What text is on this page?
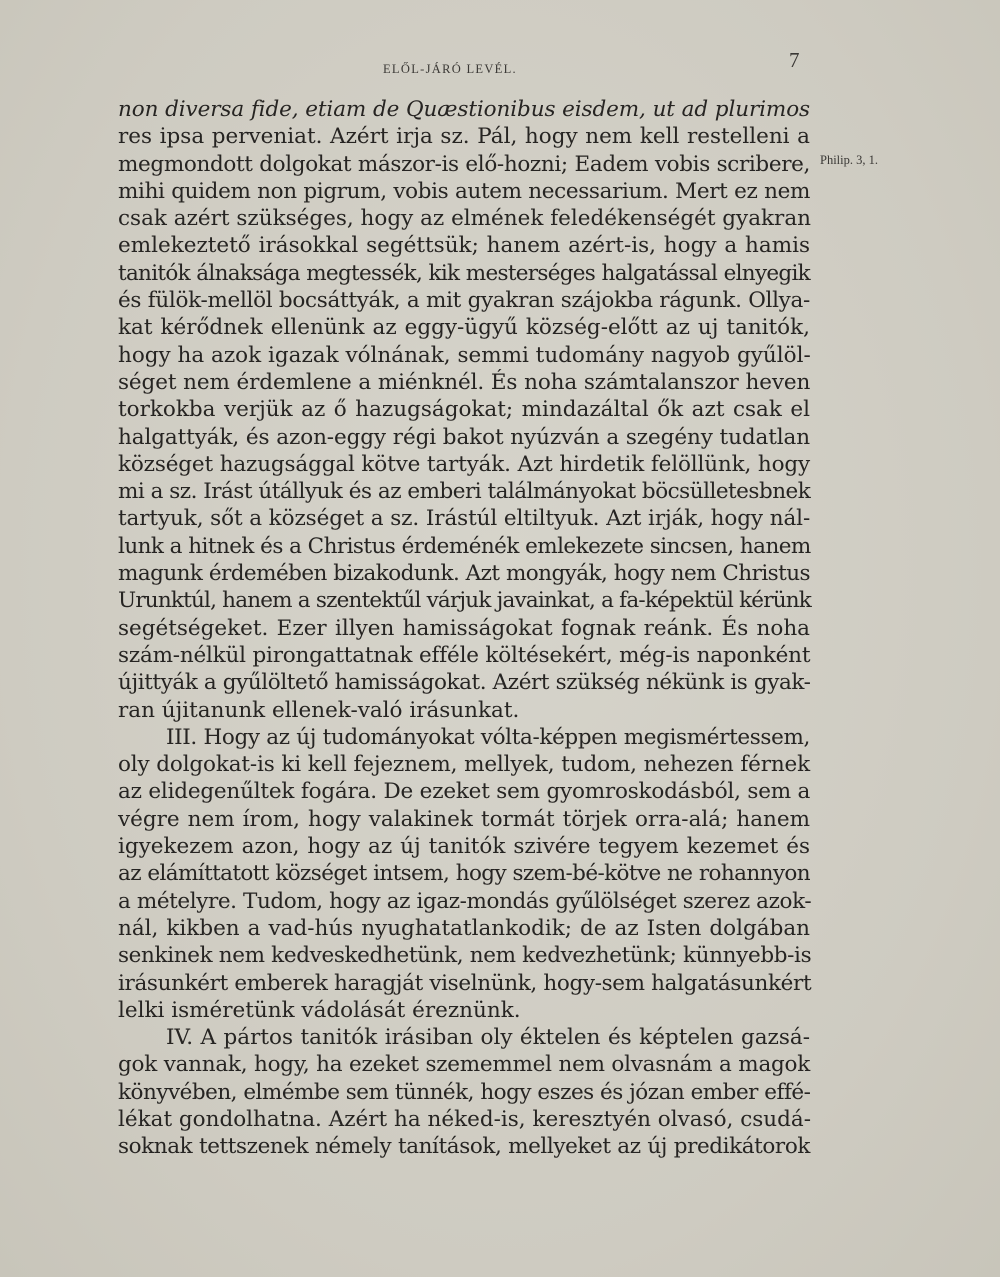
ELŐL-JÁRÓ LEVÉL.	7
Philip. 3, 1.
non diversa fide, etiam de Quæstionibus eisdem, ut ad plurimos
res ipsa perveniat. Azért irja sz. Pál, hogy nem kell restelleni a
megmondott dolgokat mászor-is elő-hozni; Eadem vobis scribere,
mihi quidem non pigrum, vobis autem necessarium. Mert ez nem
csak azért szükséges, hogy az elmének feledékenségét gyakran
emlekeztető irásokkal segéttsük; hanem azért-is, hogy a hamis
tanitók álnaksága megtessék, kik mesterséges halgatással elnyegik
és fülök-mellöl bocsáttyák, a mit gyakran szájokba rágunk. Ollya-
kat kérődnek ellenünk az eggy-ügyű község-előtt az uj tanitók,
hogy ha azok igazak vólnának, semmi tudomány nagyob gyűlöl-
séget nem érdemlene a miénknél. És noha számtalanszor heven
torkokba verjük az ő hazugságokat; mindazáltal ők azt csak el
halgattyák, és azon-eggy régi bakot nyúzván a szegény tudatlan
községet hazugsággal kötve tartyák. Azt hirdetik felöllünk, hogy
mi a sz. Irást útállyuk és az emberi találmányokat böcsülletesbnek
tartyuk, sőt a községet a sz. Irástúl eltiltyuk. Azt irják, hogy nál-
lunk a hitnek és a Christus érdeménék emlekezete sincsen, hanem
magunk érdemében bizakodunk. Azt mongyák, hogy nem Christus
Urunktúl, hanem a szentektűl várjuk javainkat, a fa-képektül kérünk
segétségeket. Ezer illyen hamisságokat fognak reánk. És noha
szám-nélkül pirongattatnak efféle költésekért, még-is naponként
újittyák a gyűlöltető hamisságokat. Azért szükség nékünk is gyak-
ran újitanunk ellenek-való irásunkat.
III. Hogy az új tudományokat vólta-képpen megismértessem,
oly dolgokat-is ki kell fejeznem, mellyek, tudom, nehezen férnek
az elidegenűltek fogára. De ezeket sem gyomroskodásból, sem a
végre nem írom, hogy valakinek tormát törjek orra-alá; hanem
igyekezem azon, hogy az új tanitók szivére tegyem kezemet és
az elámíttatott községet intsem, hogy szem-bé-kötve ne rohannyon
a mételyre. Tudom, hogy az igaz-mondás gyűlölséget szerez azok-
nál, kikben a vad-hús nyughatatlankodik; de az Isten dolgában
senkinek nem kedveskedhetünk, nem kedvezhetünk; künnyebb-is
irásunkért emberek haragját viselnünk, hogy-sem halgatásunkért
lelki isméretünk vádolását éreznünk.
IV. A pártos tanitók irásiban oly éktelen és képtelen gazsá-
gok vannak, hogy, ha ezeket szememmel nem olvasnám a magok
könyvében, elmémbe sem tünnék, hogy eszes és józan ember effé-
lékat gondolhatna. Azért ha néked-is, keresztyén olvasó, csudá-
soknak tettszenek némely tanítások, mellyeket az új predikátorok
